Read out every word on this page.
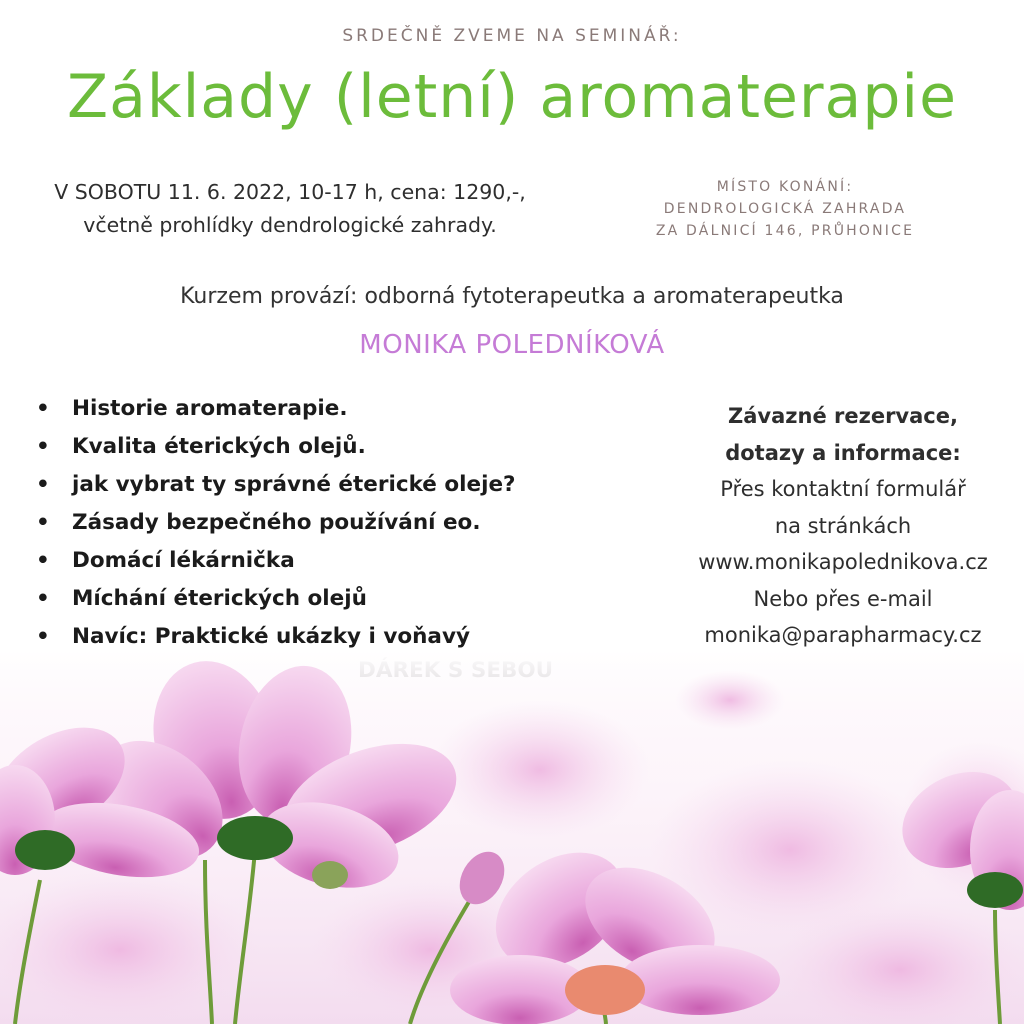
SRDEČNĚ ZVEME NA SEMINÁŘ:
Základy (letní) aromaterapie
V SOBOTU 11. 6. 2022, 10-17 h, cena: 1290,-,
včetně prohlídky dendrologické zahrady.
MÍSTO KONÁNÍ:
DENDROLOGICKÁ ZAHRADA
ZA DÁLNICÍ 146, PRŮHONICE
Kurzem provází: odborná fytoterapeutka a aromaterapeutka
MONIKA POLEDNÍKOVÁ
• Historie aromaterapie.
• Kvalita éterických olejů.
• jak vybrat ty správné éterické oleje?
• Zásady bezpečného používání eo.
• Domácí lékárnička
• Míchání éterických olejů
• Navíc: Praktické ukázky i voňavý
Závazné rezervace,
dotazy a informace:
Přes kontaktní formulář
na stránkách
www.monikapolednikova.cz
Nebo přes e-mail
monika@parapharmacy.cz
